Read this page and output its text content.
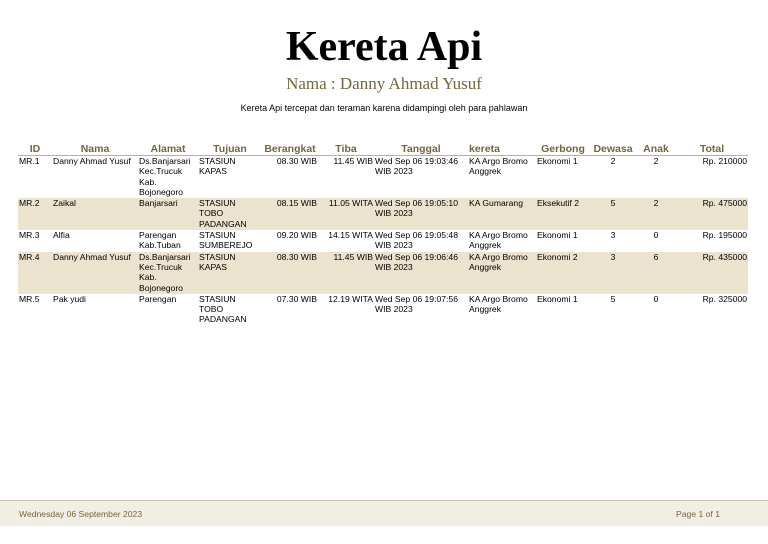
Kereta Api
Nama : Danny Ahmad Yusuf
Kereta Api tercepat dan teraman karena didampingi oleh para pahlawan
ID	Nama	Alamat	Tujuan	Berangkat	Tiba	Tanggal	kereta	Gerbong	Dewasa	Anak	Total
MR.1	Danny Ahmad Yusuf	Ds.Banjarsari Kec.Trucuk Kab. Bojonegoro	STASIUN KAPAS	08.30 WIB	11.45 WIB	Wed Sep 06 19:03:46 WIB 2023	KA Argo Bromo Anggrek	Ekonomi 1	2	2	Rp. 210000
MR.2	Zaikal	Banjarsari	STASIUN TOBO PADANGAN	08.15 WIB	11.05 WITA	Wed Sep 06 19:05:10 WIB 2023	KA Gumarang	Eksekutif 2	5	2	Rp. 475000
MR.3	Alfia	Parengan Kab.Tuban	STASIUN SUMBEREJO	09.20 WIB	14.15 WITA	Wed Sep 06 19:05:48 WIB 2023	KA Argo Bromo Anggrek	Ekonomi 1	3	0	Rp. 195000
MR.4	Danny Ahmad Yusuf	Ds.Banjarsari Kec.Trucuk Kab. Bojonegoro	STASIUN KAPAS	08.30 WIB	11.45 WIB	Wed Sep 06 19:06:46 WIB 2023	KA Argo Bromo Anggrek	Ekonomi 2	3	6	Rp. 435000
MR.5	Pak yudi	Parengan	STASIUN TOBO PADANGAN	07.30 WIB	12.19 WITA	Wed Sep 06 19:07:56 WIB 2023	KA Argo Bromo Anggrek	Ekonomi 1	5	0	Rp. 325000
Wednesday 06 September 2023	Page 1 of 1
